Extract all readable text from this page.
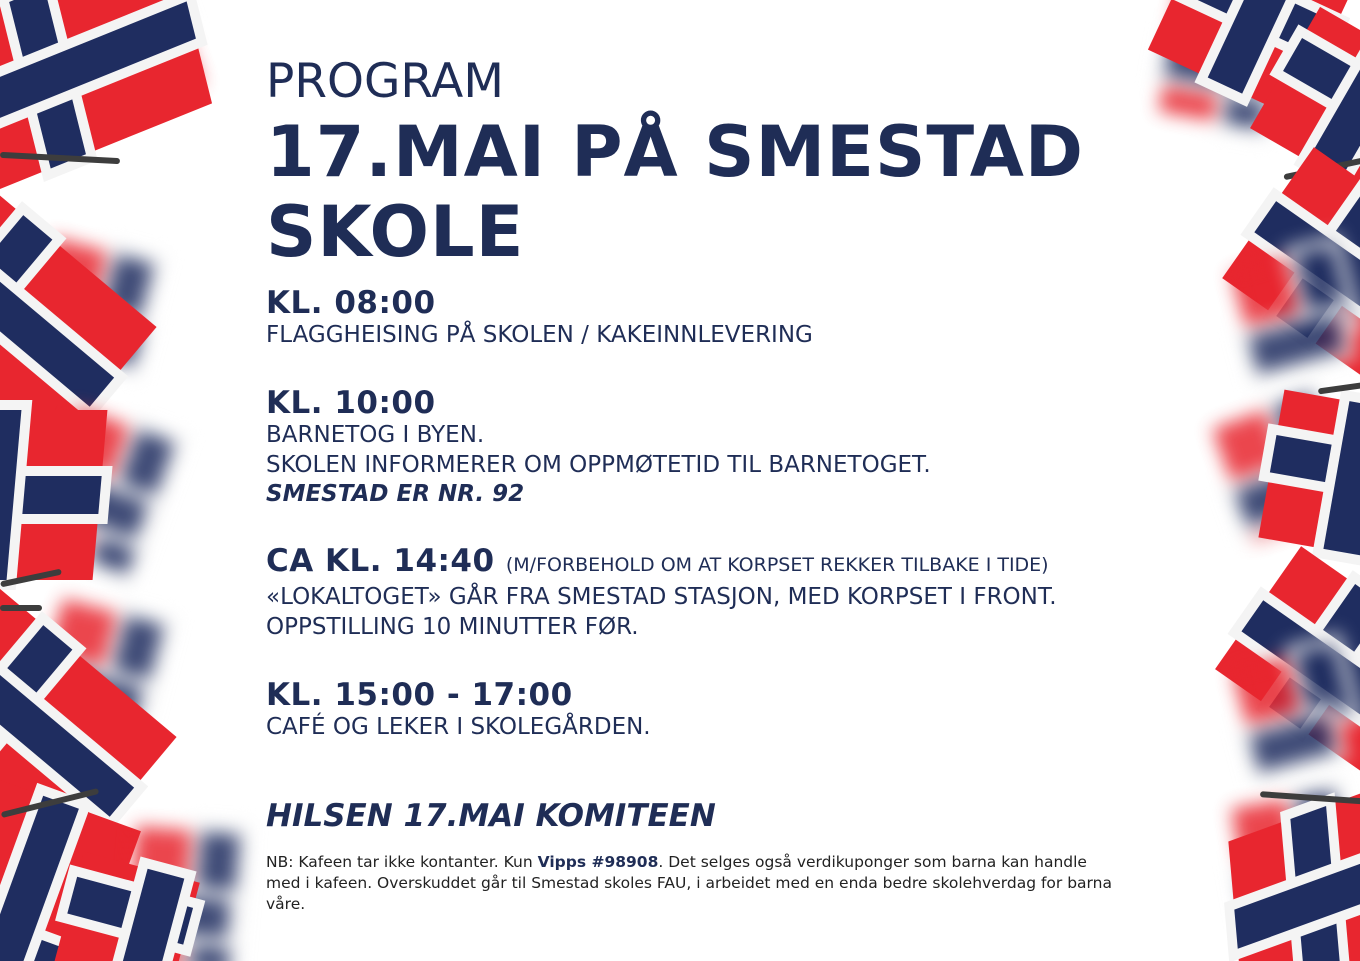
PROGRAM
17.MAI PÅ SMESTAD
SKOLE
KL. 08:00
FLAGGHEISING PÅ SKOLEN / KAKEINNLEVERING
KL. 10:00
BARNETOG I BYEN.
SKOLEN INFORMERER OM OPPMØTETID TIL BARNETOGET.
SMESTAD ER NR. 92
CA KL. 14:40 (M/FORBEHOLD OM AT KORPSET REKKER TILBAKE I TIDE)
«LOKALTOGET» GÅR FRA SMESTAD STASJON, MED KORPSET I FRONT.
OPPSTILLING 10 MINUTTER FØR.
KL. 15:00 - 17:00
CAFÉ OG LEKER I SKOLEGÅRDEN.
HILSEN 17.MAI KOMITEEN
NB: Kafeen tar ikke kontanter. Kun Vipps #98908. Det selges også verdikuponger som barna kan handle med i kafeen. Overskuddet går til Smestad skoles FAU, i arbeidet med en enda bedre skolehverdag for barna våre.
